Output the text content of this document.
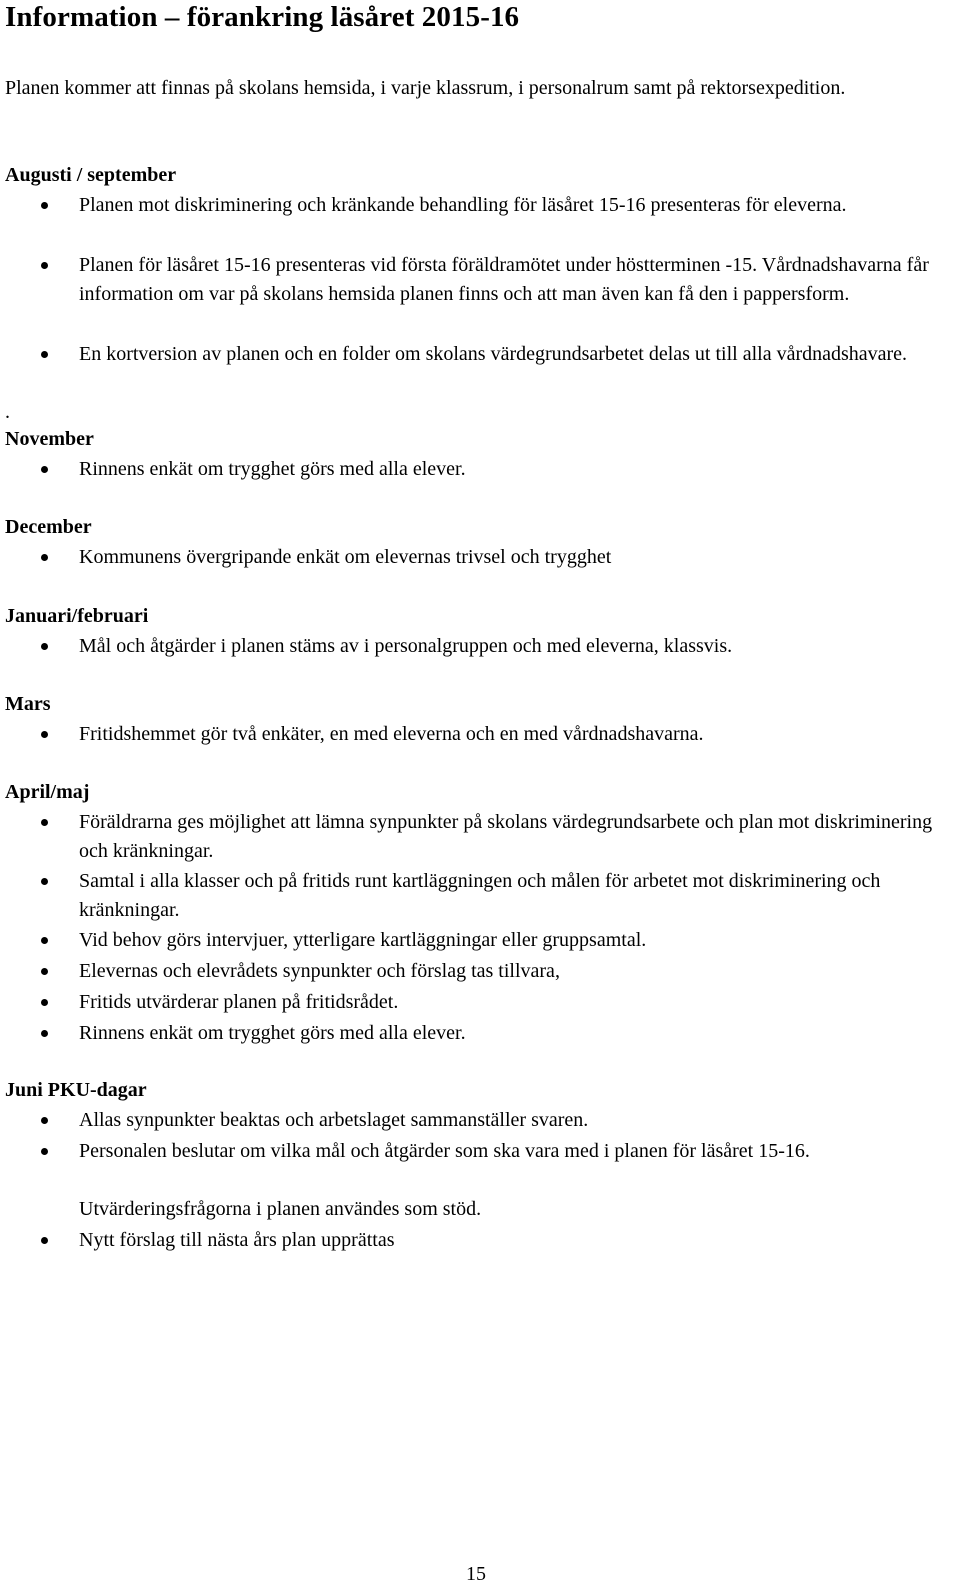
Information – förankring läsåret 2015-16

Planen kommer att finnas på skolans hemsida, i varje klassrum, i personalrum samt på rektorsexpedition.

Augusti / september

Planen mot diskriminering och kränkande behandling för läsåret 15-16 presenteras för eleverna.

Planen för läsåret 15-16 presenteras vid första föräldramötet under höstterminen -15. Vårdnadshavarna får information om var på skolans hemsida planen finns och att man även kan få den i pappersform.

En kortversion av planen och en folder om skolans värdegrundsarbetet delas ut till alla vårdnadshavare.

.

November

Rinnens enkät om trygghet görs med alla elever.

December

Kommunens övergripande enkät om elevernas trivsel och trygghet

Januari/februari

Mål och åtgärder i planen stäms av i personalgruppen och med eleverna, klassvis.

Mars

Fritidshemmet gör två enkäter, en med eleverna och en med vårdnadshavarna.

April/maj

Föräldrarna ges möjlighet att lämna synpunkter på skolans värdegrundsarbete och plan mot diskriminering och kränkningar.

Samtal i alla klasser och på fritids runt kartläggningen och målen för arbetet mot diskriminering och kränkningar.

Vid behov görs intervjuer, ytterligare kartläggningar eller gruppsamtal.

Elevernas och elevrådets synpunkter och förslag tas tillvara,

Fritids utvärderar planen på fritidsrådet.

Rinnens enkät om trygghet görs med alla elever.

Juni PKU-dagar

Allas synpunkter beaktas och arbetslaget sammanställer svaren.

Personalen beslutar om vilka mål och åtgärder som ska vara med i planen för läsåret 15-16.

Utvärderingsfrågorna i planen användes som stöd.

Nytt förslag till nästa års plan upprättas

15
